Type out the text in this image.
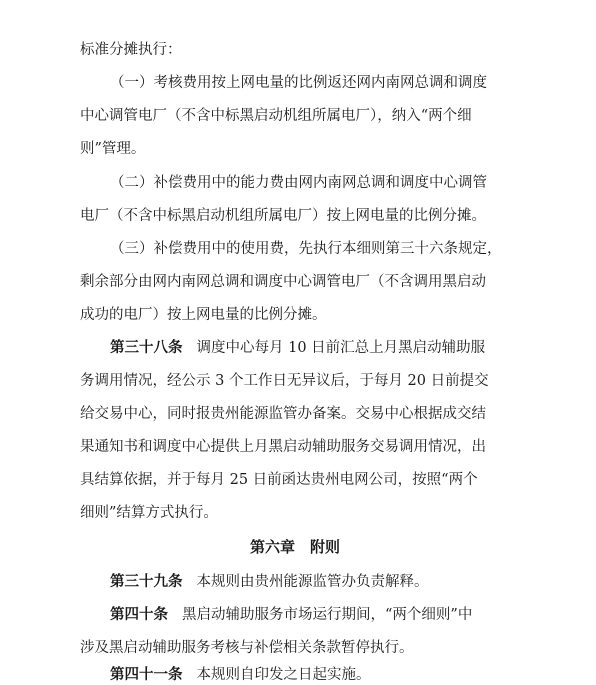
标准分摊执行：
（一）考核费用按上网电量的比例返还网内南网总调和调度
中心调管电厂（不含中标黑启动机组所属电厂），纳入“两个细
则”管理。
（二）补偿费用中的能力费由网内南网总调和调度中心调管
电厂（不含中标黑启动机组所属电厂）按上网电量的比例分摊。
（三）补偿费用中的使用费，先执行本细则第三十六条规定，
剩余部分由网内南网总调和调度中心调管电厂（不含调用黑启动
成功的电厂）按上网电量的比例分摊。
第三十八条 调度中心每月 10 日前汇总上月黑启动辅助服
务调用情况，经公示 3 个工作日无异议后，于每月 20 日前提交
给交易中心，同时报贵州能源监管办备案。交易中心根据成交结
果通知书和调度中心提供上月黑启动辅助服务交易调用情况，出
具结算依据，并于每月 25 日前函达贵州电网公司，按照“两个
细则”结算方式执行。
第六章　附则
第三十九条 本规则由贵州能源监管办负责解释。
第四十条 黑启动辅助服务市场运行期间，“两个细则”中
涉及黑启动辅助服务考核与补偿相关条款暂停执行。
第四十一条 本规则自印发之日起实施。
